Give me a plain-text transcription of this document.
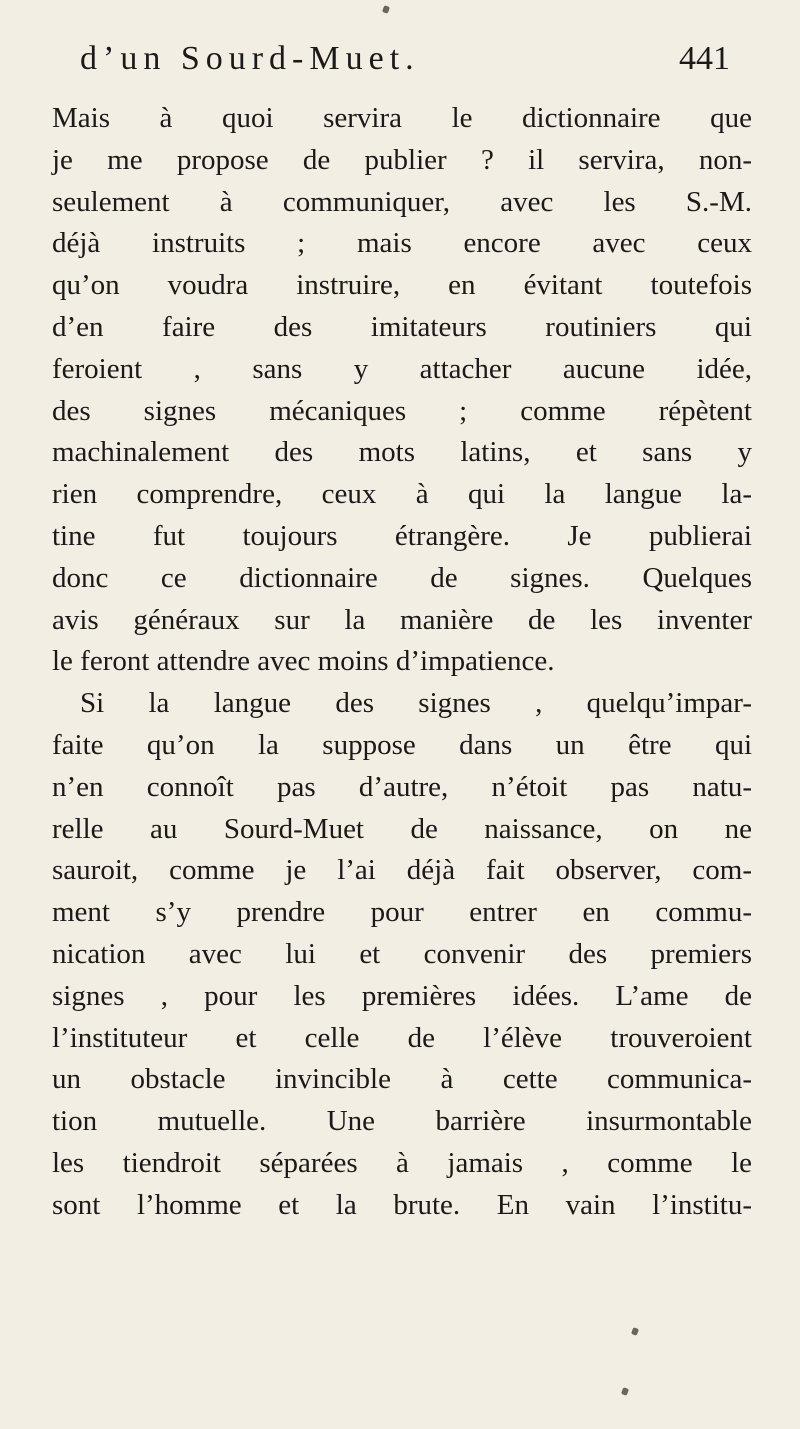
d’un Sourd-Muet.	441
Mais à quoi servira le dictionnaire que
je me propose de publier ? il servira, non-
seulement à communiquer, avec les S.-M.
déjà instruits ; mais encore avec ceux
qu’on voudra instruire, en évitant toutefois
d’en faire des imitateurs routiniers qui
feroient , sans y attacher aucune idée,
des signes mécaniques ; comme répètent
machinalement des mots latins, et sans y
rien comprendre, ceux à qui la langue la-
tine fut toujours étrangère. Je publierai
donc ce dictionnaire de signes. Quelques
avis généraux sur la manière de les inventer
le feront attendre avec moins d’impatience.
Si la langue des signes , quelqu’impar-
faite qu’on la suppose dans un être qui
n’en connoît pas d’autre, n’étoit pas natu-
relle au Sourd-Muet de naissance, on ne
sauroit, comme je l’ai déjà fait observer, com-
ment s’y prendre pour entrer en commu-
nication avec lui et convenir des premiers
signes , pour les premières idées. L’ame de
l’instituteur et celle de l’élève trouveroient
un obstacle invincible à cette communica-
tion mutuelle. Une barrière insurmontable
les tiendroit séparées à jamais , comme le
sont l’homme et la brute. En vain l’institu-
